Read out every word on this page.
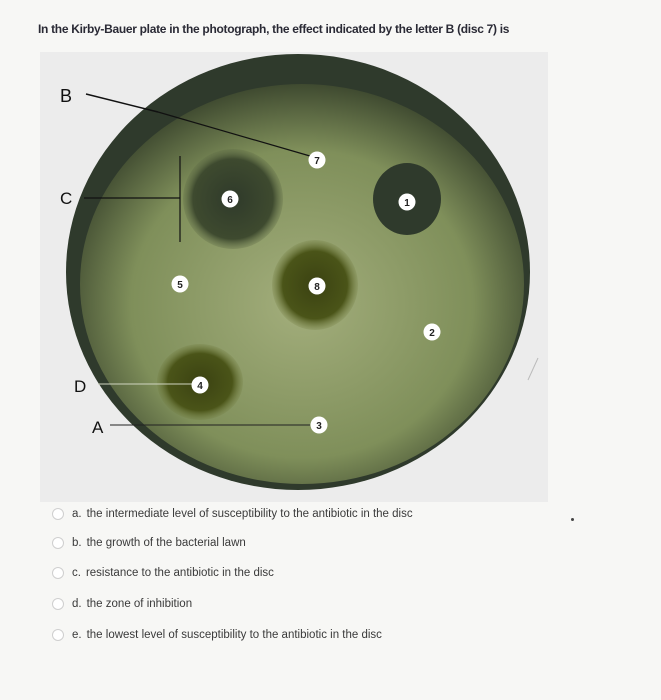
In the Kirby-Bauer plate in the photograph, the effect indicated by the letter B (disc 7) is
B
C
D
A
1
2
3
4
5
6
7
8
a. the intermediate level of susceptibility to the antibiotic in the disc
b. the growth of the bacterial lawn
c. resistance to the antibiotic in the disc
d. the zone of inhibition
e. the lowest level of susceptibility to the antibiotic in the disc
